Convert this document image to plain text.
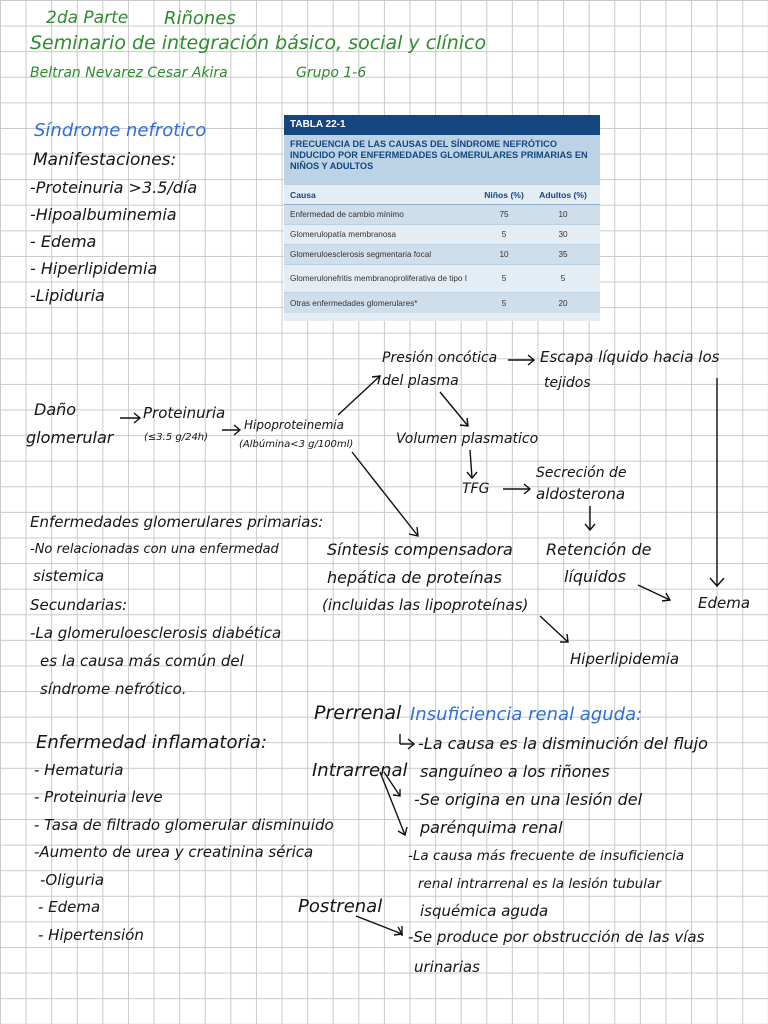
2da Parte Riñones
Seminario de integración básico, social y clínico
Beltran Nevarez Cesar Akira	Grupo 1-6
Síndrome nefrotico
Manifestaciones:
-Proteinuria >3.5/día
-Hipoalbuminemia
- Edema
- Hiperlipidemia
-Lipiduria
TABLA 22-1
FRECUENCIA DE LAS CAUSAS DEL SÍNDROME NEFRÓTICO INDUCIDO POR ENFERMEDADES GLOMERULARES PRIMARIAS EN NIÑOS Y ADULTOS
Causa	Niños (%)	Adultos (%)
Enfermedad de cambio mínimo	75	10
Glomerulopatía membranosa	5	30
Glomeruloesclerosis segmentaria focal	10	35
Glomerulonefritis membranoproliferativa de tipo I	5	5
Otras enfermedades glomerulares*	5	20
Daño
glomerular
Proteinuria
(≤3.5 g/24h)
Hipoproteinemia
(Albúmina<3 g/100ml)
Presión oncótica
del plasma
Escapa líquido hacia los
tejidos
Volumen plasmatico
TFG
Secreción de
aldosterona
Síntesis compensadora
hepática de proteínas
(incluidas las lipoproteínas)
Retención de
líquidos
Edema
Hiperlipidemia
Enfermedades glomerulares primarias:
-No relacionadas con una enfermedad
sistemica
Secundarias:
-La glomeruloesclerosis diabética
es la causa más común del
síndrome nefrótico.
Enfermedad inflamatoria:
- Hematuria
- Proteinuria leve
- Tasa de filtrado glomerular disminuido
-Aumento de urea y creatinina sérica
-Oliguria
- Edema
- Hipertensión
Prerrenal Insuficiencia renal aguda:
-La causa es la disminución del flujo
sanguíneo a los riñones
Intrarrenal
-Se origina en una lesión del
parénquima renal
-La causa más frecuente de insuficiencia
renal intrarrenal es la lesión tubular
isquémica aguda
Postrenal
-Se produce por obstrucción de las vías
urinarias
